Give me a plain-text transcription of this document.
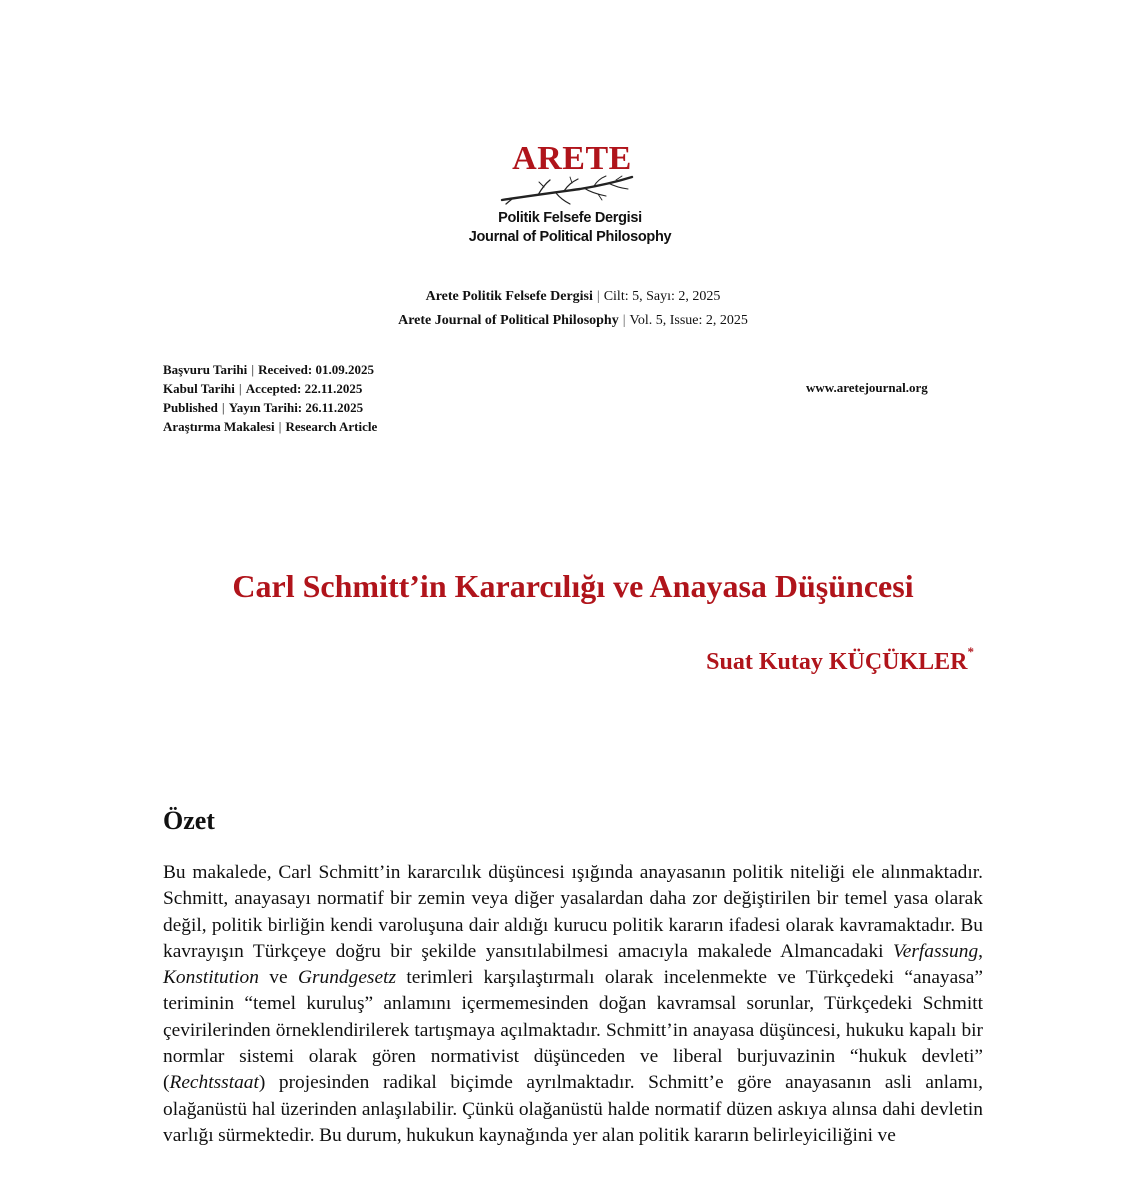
ARETE
Politik Felsefe Dergisi
Journal of Political Philosophy
Arete Politik Felsefe Dergisi | Cilt: 5, Sayı: 2, 2025
Arete Journal of Political Philosophy | Vol. 5, Issue: 2, 2025
Başvuru Tarihi | Received: 01.09.2025
Kabul Tarihi | Accepted: 22.11.2025
Published | Yayın Tarihi: 26.11.2025
Araştırma Makalesi | Research Article
www.aretejournal.org
Carl Schmitt’in Kararcılığı ve Anayasa Düşüncesi
Suat Kutay KÜÇÜKLER*
Özet

Bu makalede, Carl Schmitt’in kararcılık düşüncesi ışığında anayasanın politik niteliği ele alınmaktadır. Schmitt, anayasayı normatif bir zemin veya diğer yasalardan daha zor değiştirilen bir temel yasa olarak değil, politik birliğin kendi varoluşuna dair aldığı kurucu politik kararın ifadesi olarak kavramaktadır. Bu kavrayışın Türkçeye doğru bir şekilde yansıtılabilmesi amacıyla makalede Almancadaki Verfassung, Konstitution ve Grundgesetz terimleri karşılaştırmalı olarak incelenmekte ve Türkçedeki “anayasa” teriminin “temel kuruluş” anlamını içermemesinden doğan kavramsal sorunlar, Türkçedeki Schmitt çevirilerinden örneklendirilerek tartışmaya açılmaktadır. Schmitt’in anayasa düşüncesi, hukuku kapalı bir normlar sistemi olarak gören normativist düşünceden ve liberal burjuvazinin “hukuk devleti” (Rechtsstaat) projesinden radikal biçimde ayrılmaktadır. Schmitt’e göre anayasanın asli anlamı, olağanüstü hal üzerinden anlaşılabilir. Çünkü olağanüstü halde normatif düzen askıya alınsa dahi devletin varlığı sürmektedir. Bu durum, hukukun kaynağında yer alan politik kararın belirleyiciliğini ve
